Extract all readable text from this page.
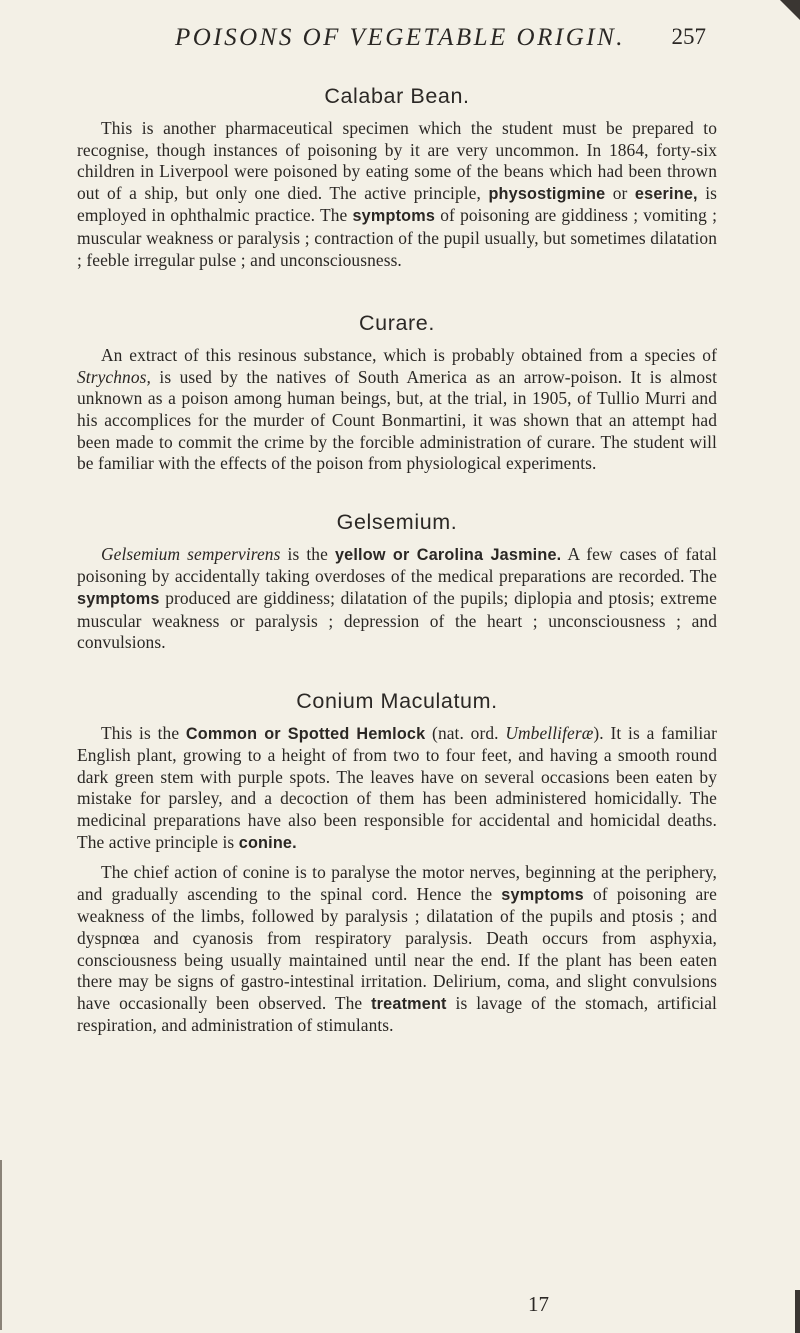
POISONS OF VEGETABLE ORIGIN.	257
Calabar Bean.

This is another pharmaceutical specimen which the student must be prepared to recognise, though instances of poisoning by it are very uncommon. In 1864, forty-six children in Liverpool were poisoned by eating some of the beans which had been thrown out of a ship, but only one died. The active principle, physostigmine or eserine, is employed in ophthalmic practice. The symptoms of poisoning are giddiness ; vomiting ; muscular weakness or paralysis ; contraction of the pupil usually, but sometimes dilatation ; feeble irregular pulse ; and unconsciousness.

Curare.

An extract of this resinous substance, which is probably obtained from a species of Strychnos, is used by the natives of South America as an arrow-poison. It is almost unknown as a poison among human beings, but, at the trial, in 1905, of Tullio Murri and his accomplices for the murder of Count Bonmartini, it was shown that an attempt had been made to commit the crime by the forcible administration of curare. The student will be familiar with the effects of the poison from physiological experiments.

Gelsemium.

Gelsemium sempervirens is the yellow or Carolina Jasmine. A few cases of fatal poisoning by accidentally taking overdoses of the medical preparations are recorded. The symptoms produced are giddiness; dilatation of the pupils; diplopia and ptosis; extreme muscular weakness or paralysis ; depression of the heart ; unconsciousness ; and convulsions.

Conium Maculatum.

This is the Common or Spotted Hemlock (nat. ord. Umbelliferæ). It is a familiar English plant, growing to a height of from two to four feet, and having a smooth round dark green stem with purple spots. The leaves have on several occasions been eaten by mistake for parsley, and a decoction of them has been administered homicidally. The medicinal preparations have also been responsible for accidental and homicidal deaths. The active principle is conine.

The chief action of conine is to paralyse the motor nerves, beginning at the periphery, and gradually ascending to the spinal cord. Hence the symptoms of poisoning are weakness of the limbs, followed by paralysis ; dilatation of the pupils and ptosis ; and dyspnœa and cyanosis from respiratory paralysis. Death occurs from asphyxia, consciousness being usually maintained until near the end. If the plant has been eaten there may be signs of gastro-intestinal irritation. Delirium, coma, and slight convulsions have occasionally been observed. The treatment is lavage of the stomach, artificial respiration, and administration of stimulants.

17
